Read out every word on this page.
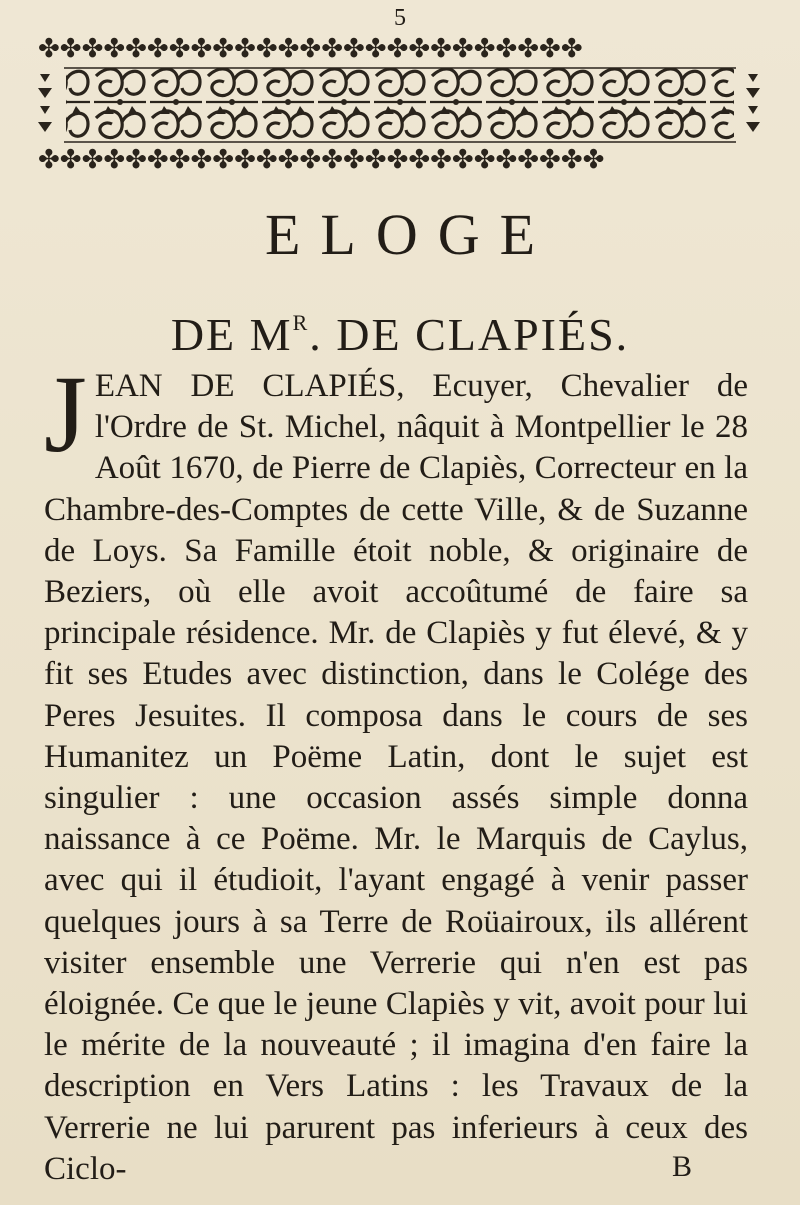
5
✤✤✤✤✤✤✤✤✤✤✤✤✤✤✤✤✤✤✤✤✤✤✤✤✤
✤✤✤✤✤✤✤✤✤✤✤✤✤✤✤✤✤✤✤✤✤✤✤✤✤✤
ELOGE
DE $M^R$. DE CLAPIÉS.

JEAN DE CLAPIÉS, Ecuyer, Chevalier de l'Ordre de St. Michel, nâquit à Montpellier le 28 Août 1670, de Pierre de Clapiès, Correcteur en la Chambre-des-Comptes de cette Ville, & de Suzanne de Loys. Sa Famille étoit noble, & originaire de Beziers, où elle avoit accoûtumé de faire sa principale résidence. Mr. de Clapiès y fut élevé, & y fit ses Etudes avec distinction, dans le Colége des Peres Jesuites. Il composa dans le cours de ses Humanitez un Poëme Latin, dont le sujet est singulier : une occasion assés simple donna naissance à ce Poëme. Mr. le Marquis de Caylus, avec qui il étudioit, l'ayant engagé à venir passer quelques jours à sa Terre de Roüairoux, ils allérent visiter ensemble une Verrerie qui n'en est pas éloignée. Ce que le jeune Clapiès y vit, avoit pour lui le mérite de la nouveauté ; il imagina d'en faire la description en Vers Latins : les Travaux de la Verrerie ne lui parurent pas inferieurs à ceux des Ciclo-	B
